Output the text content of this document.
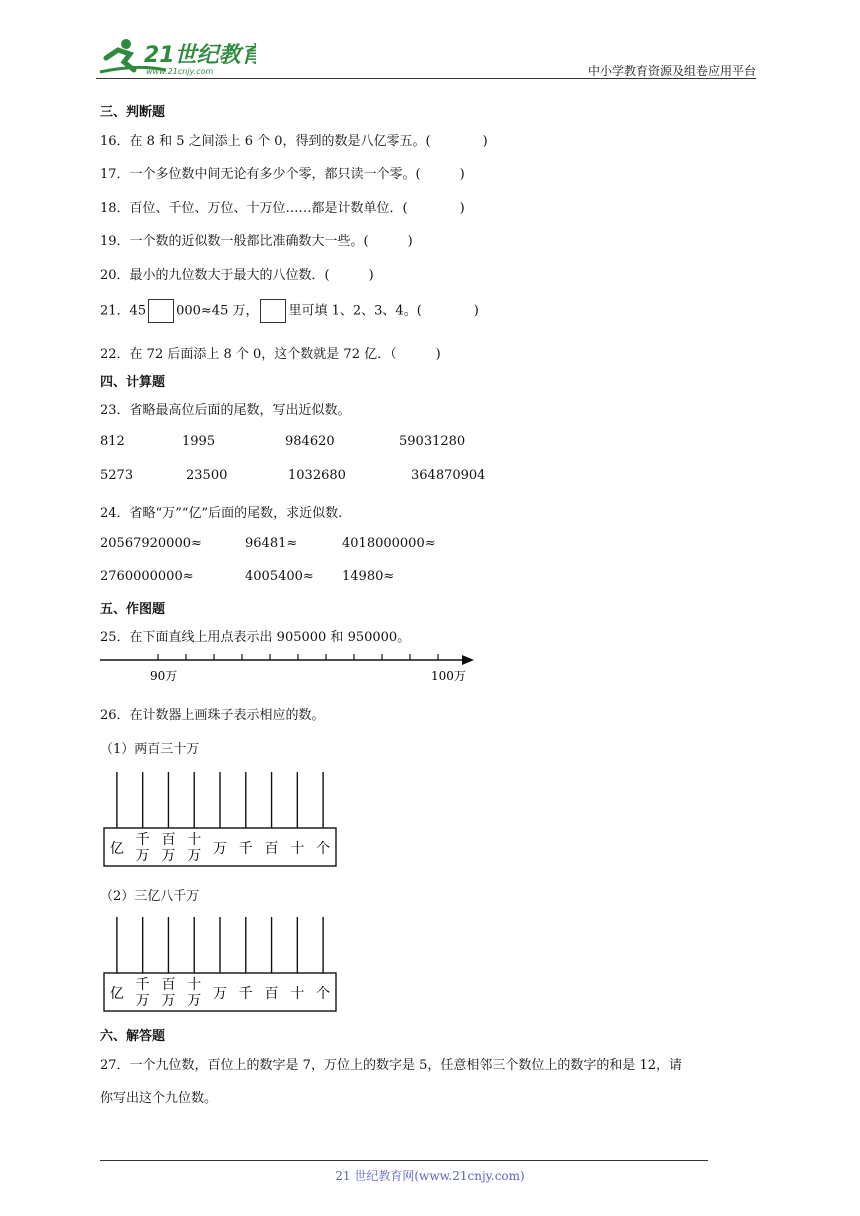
21世纪教育
www.21cnjy.com	中小学教育资源及组卷应用平台
三、判断题
16．在 8 和 5 之间添上 6 个 0，得到的数是八亿零五。(　　　　)
17．一个多位数中间无论有多少个零，都只读一个零。(　　　)
18．百位、千位、万位、十万位……都是计数单位．(　　　　)
19．一个数的近似数一般都比准确数大一些。(　　　)
20．最小的九位数大于最大的八位数．(　　　)
21．45 000≈45 万， 里可填 1、2、3、4。(　　　　)
22．在 72 后面添上 8 个 0，这个数就是 72 亿．（　　　)
四、计算题
23．省略最高位后面的尾数，写出近似数。
812	1995	984620	59031280
5273	23500	1032680	364870904
24．省略“万”“亿”后面的尾数，求近似数.
20567920000≈	96481≈	4018000000≈
2760000000≈	4005400≈ 14980≈
五、作图题
25．在下面直线上用点表示出 905000 和 950000。
90万	100万
26．在计数器上画珠子表示相应的数。
（1）两百三十万
亿
千
万
百
万
十
万 万 千 百 十 个
（2）三亿八千万
亿
千
万
百
万
十
万 万 千 百 十 个
六、解答题
27．一个九位数，百位上的数字是 7，万位上的数字是 5，任意相邻三个数位上的数字的和是 12，请
你写出这个九位数。
21 世纪教育网(www.21cnjy.com)
